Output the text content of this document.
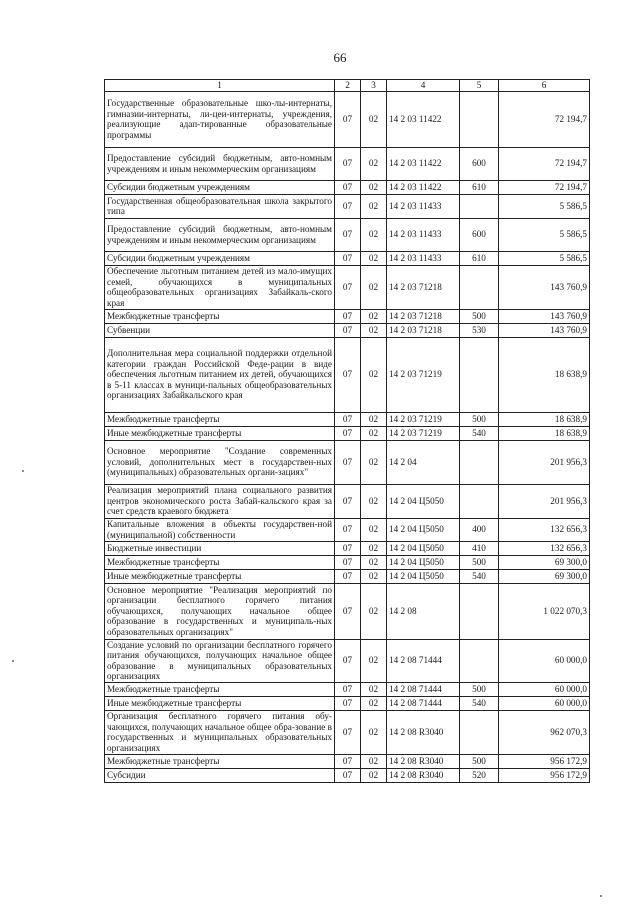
66
1	2	3	4	5	6
Государственные образовательные шко-лы-интернаты, гимназии-интернаты, ли-цеи-интернаты, учреждения, реализующие адап-тированные образовательные программы	07	02	14 2 03 11422		72 194,7
Предоставление субсидий бюджетным, авто-номным учреждениям и иным некоммерческим организациям	07	02	14 2 03 11422	600	72 194,7
Субсидии бюджетным учреждениям	07	02	14 2 03 11422	610	72 194,7
Государственная общеобразовательная школа закрытого типа	07	02	14 2 03 11433		5 586,5
Предоставление субсидий бюджетным, авто-номным учреждениям и иным некоммерческим организациям	07	02	14 2 03 11433	600	5 586,5
Субсидии бюджетным учреждениям	07	02	14 2 03 11433	610	5 586,5
Обеспечение льготным питанием детей из мало-имущих семей, обучающихся в муниципальных общеобразовательных организациях Забайкаль-ского края	07	02	14 2 03 71218		143 760,9
Межбюджетные трансферты	07	02	14 2 03 71218	500	143 760,9
Субвенции	07	02	14 2 03 71218	530	143 760,9
Дополнительная мера социальной поддержки отдельной категории граждан Российской Феде-рации в виде обеспечения льготным питанием их детей, обучающихся в 5-11 классах в муници-пальных общеобразовательных организациях Забайкальского края	07	02	14 2 03 71219		18 638,9
Межбюджетные трансферты	07	02	14 2 03 71219	500	18 638,9
Иные межбюджетные трансферты	07	02	14 2 03 71219	540	18 638,9
Основное мероприятие "Создание современных условий, дополнительных мест в государствен-ных (муниципальных) образовательных органи-зациях"	07	02	14 2 04		201 956,3
Реализация мероприятий плана социального развития центров экономического роста Забай-кальского края за счет средств краевого бюджета	07	02	14 2 04 Ц5050		201 956,3
Капитальные вложения в объекты государствен-ной (муниципальной) собственности	07	02	14 2 04 Ц5050	400	132 656,3
Бюджетные инвестиции	07	02	14 2 04 Ц5050	410	132 656,3
Межбюджетные трансферты	07	02	14 2 04 Ц5050	500	69 300,0
Иные межбюджетные трансферты	07	02	14 2 04 Ц5050	540	69 300,0
Основное мероприятие "Реализация мероприятий по организации бесплатного горячего питания обучающихся, получающих начальное общее образование в государственных и муниципаль-ных образовательных организациях"	07	02	14 2 08		1 022 070,3
Создание условий по организации бесплатного горячего питания обучающихся, получающих начальное общее образование в муниципальных образовательных организациях	07	02	14 2 08 71444		60 000,0
Межбюджетные трансферты	07	02	14 2 08 71444	500	60 000,0
Иные межбюджетные трансферты	07	02	14 2 08 71444	540	60 000,0
Организация бесплатного горячего питания обу-чающихся, получающих начальное общее обра-зование в государственных и муниципальных образовательных организациях	07	02	14 2 08 R3040		962 070,3
Межбюджетные трансферты	07	02	14 2 08 R3040	500	956 172,9
Субсидии	07	02	14 2 08 R3040	520	956 172,9
